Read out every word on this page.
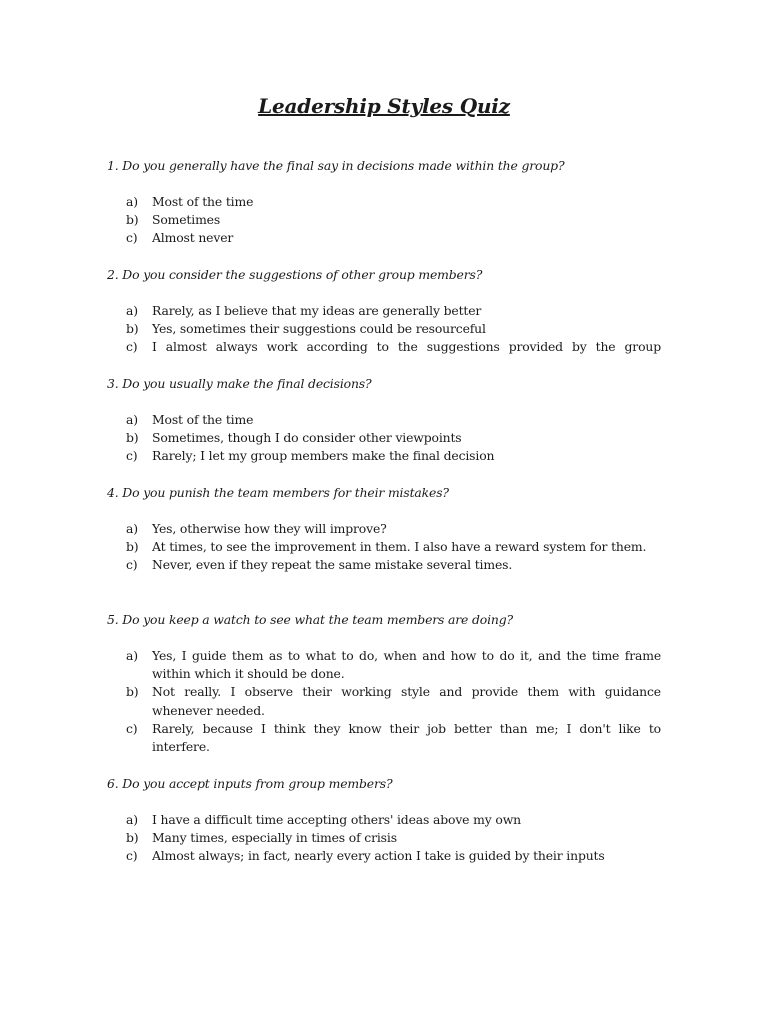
Leadership Styles Quiz

1. Do you generally have the final say in decisions made within the group?

a) Most of the time
b) Sometimes
c) Almost never

2. Do you consider the suggestions of other group members?

a) Rarely, as I believe that my ideas are generally better
b) Yes, sometimes their suggestions could be resourceful
c) I almost always work according to the suggestions provided by the group

3. Do you usually make the final decisions?

a) Most of the time
b) Sometimes, though I do consider other viewpoints
c) Rarely; I let my group members make the final decision

4. Do you punish the team members for their mistakes?

a) Yes, otherwise how they will improve?
b) At times, to see the improvement in them. I also have a reward system for them.
c) Never, even if they repeat the same mistake several times.

5. Do you keep a watch to see what the team members are doing?

a) Yes, I guide them as to what to do, when and how to do it, and the time frame within which it should be done.
b) Not really. I observe their working style and provide them with guidance whenever needed.
c) Rarely, because I think they know their job better than me; I don't like to interfere.

6. Do you accept inputs from group members?

a) I have a difficult time accepting others' ideas above my own
b) Many times, especially in times of crisis
c) Almost always; in fact, nearly every action I take is guided by their inputs
